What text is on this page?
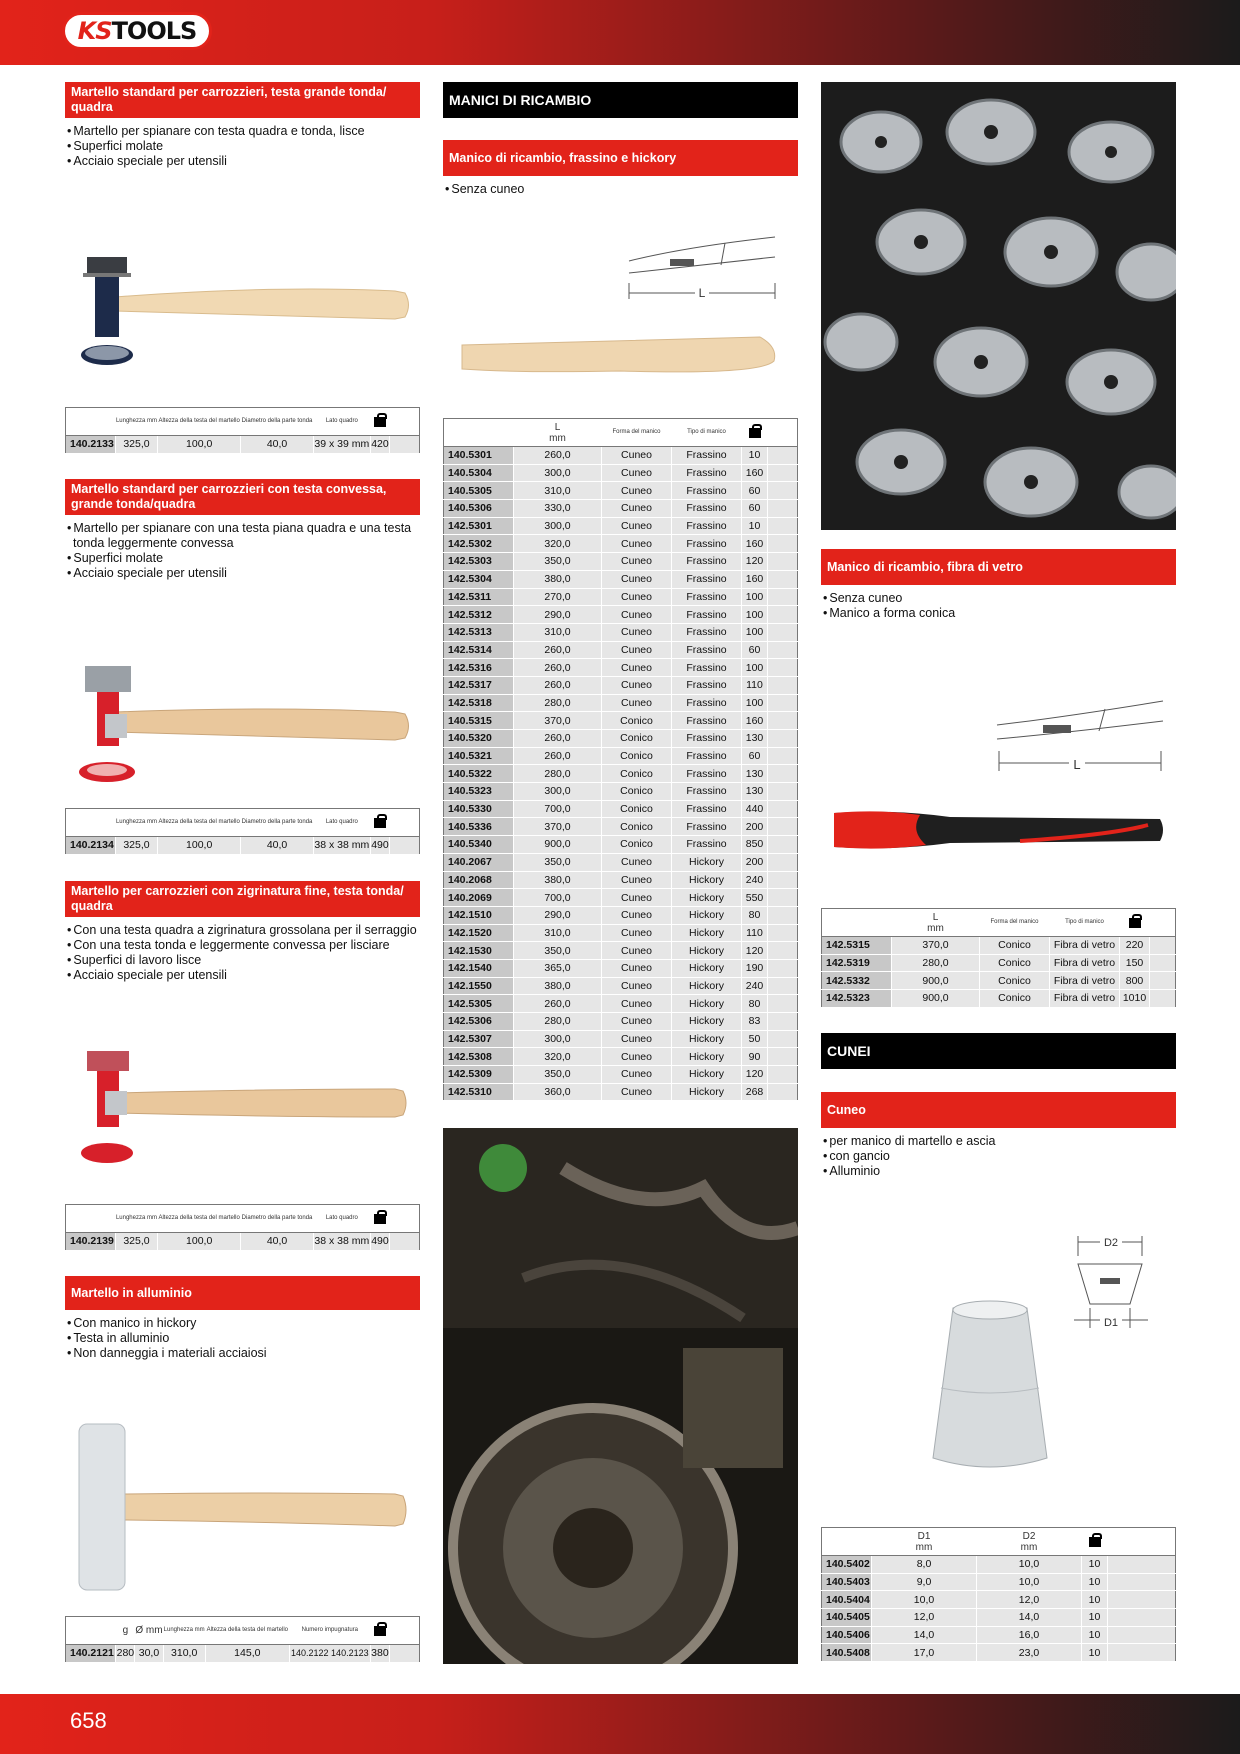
KS TOOLS
Martello standard per carrozzieri, testa grande tonda/ quadra
• Martello per spianare con testa quadra e tonda, lisce
• Superfici molate
• Acciaio speciale per utensili
	Lunghezza mm	Altezza della testa del martello	Diametro della parte tonda	Lato quadro		
140.2133	325,0	100,0	40,0	39 x 39 mm	420	
Martello standard per carrozzieri con testa convessa, grande tonda/quadra
• Martello per spianare con una testa piana quadra e una testa tonda leggermente convessa
• Superfici molate
• Acciaio speciale per utensili
	Lunghezza mm	Altezza della testa del martello	Diametro della parte tonda	Lato quadro		
140.2134	325,0	100,0	40,0	38 x 38 mm	490	
Martello per carrozzieri con zigrinatura fine, testa tonda/ quadra
• Con una testa quadra a zigrinatura grossolana per il serraggio
• Con una testa tonda e leggermente convessa per lisciare
• Superfici di lavoro lisce
• Acciaio speciale per utensili
	Lunghezza mm	Altezza della testa del martello	Diametro della parte tonda	Lato quadro		
140.2139	325,0	100,0	40,0	38 x 38 mm	490	
Martello in alluminio
• Con manico in hickory
• Testa in alluminio
• Non danneggia i materiali acciaiosi
	g	Ø mm	Lunghezza mm	Altezza della testa del martello	Numero impugnatura		
140.2121	280	30,0	310,0	145,0	140.2122 140.2123	380	
MANICI DI RICAMBIO
Manico di ricambio, frassino e hickory
• Senza cuneo
L
	L
mm	Forma del manico	Tipo di manico		
140.5301	260,0	Cuneo	Frassino	10	
140.5304	300,0	Cuneo	Frassino	160	
140.5305	310,0	Cuneo	Frassino	60	
140.5306	330,0	Cuneo	Frassino	60	
142.5301	300,0	Cuneo	Frassino	10	
142.5302	320,0	Cuneo	Frassino	160	
142.5303	350,0	Cuneo	Frassino	120	
142.5304	380,0	Cuneo	Frassino	160	
142.5311	270,0	Cuneo	Frassino	100	
142.5312	290,0	Cuneo	Frassino	100	
142.5313	310,0	Cuneo	Frassino	100	
142.5314	260,0	Cuneo	Frassino	60	
142.5316	260,0	Cuneo	Frassino	100	
142.5317	260,0	Cuneo	Frassino	110	
142.5318	280,0	Cuneo	Frassino	100	
140.5315	370,0	Conico	Frassino	160	
140.5320	260,0	Conico	Frassino	130	
140.5321	260,0	Conico	Frassino	60	
140.5322	280,0	Conico	Frassino	130	
140.5323	300,0	Conico	Frassino	130	
140.5330	700,0	Conico	Frassino	440	
140.5336	370,0	Conico	Frassino	200	
140.5340	900,0	Conico	Frassino	850	
140.2067	350,0	Cuneo	Hickory	200	
140.2068	380,0	Cuneo	Hickory	240	
140.2069	700,0	Cuneo	Hickory	550	
142.1510	290,0	Cuneo	Hickory	80	
142.1520	310,0	Cuneo	Hickory	110	
142.1530	350,0	Cuneo	Hickory	120	
142.1540	365,0	Cuneo	Hickory	190	
142.1550	380,0	Cuneo	Hickory	240	
142.5305	260,0	Cuneo	Hickory	80	
142.5306	280,0	Cuneo	Hickory	83	
142.5307	300,0	Cuneo	Hickory	50	
142.5308	320,0	Cuneo	Hickory	90	
142.5309	350,0	Cuneo	Hickory	120	
142.5310	360,0	Cuneo	Hickory	268	
Manico di ricambio, fibra di vetro
• Senza cuneo
• Manico a forma conica
L
	L
mm	Forma del manico	Tipo di manico		
142.5315	370,0	Conico	Fibra di vetro	220	
142.5319	280,0	Conico	Fibra di vetro	150	
142.5332	900,0	Conico	Fibra di vetro	800	
142.5323	900,0	Conico	Fibra di vetro	1010	
CUNEI
Cuneo
• per manico di martello e ascia
• con gancio
• Alluminio
D2
D1
	D1
mm	D2
mm		
140.5402	8,0	10,0	10	
140.5403	9,0	10,0	10	
140.5404	10,0	12,0	10	
140.5405	12,0	14,0	10	
140.5406	14,0	16,0	10	
140.5408	17,0	23,0	10	
658
